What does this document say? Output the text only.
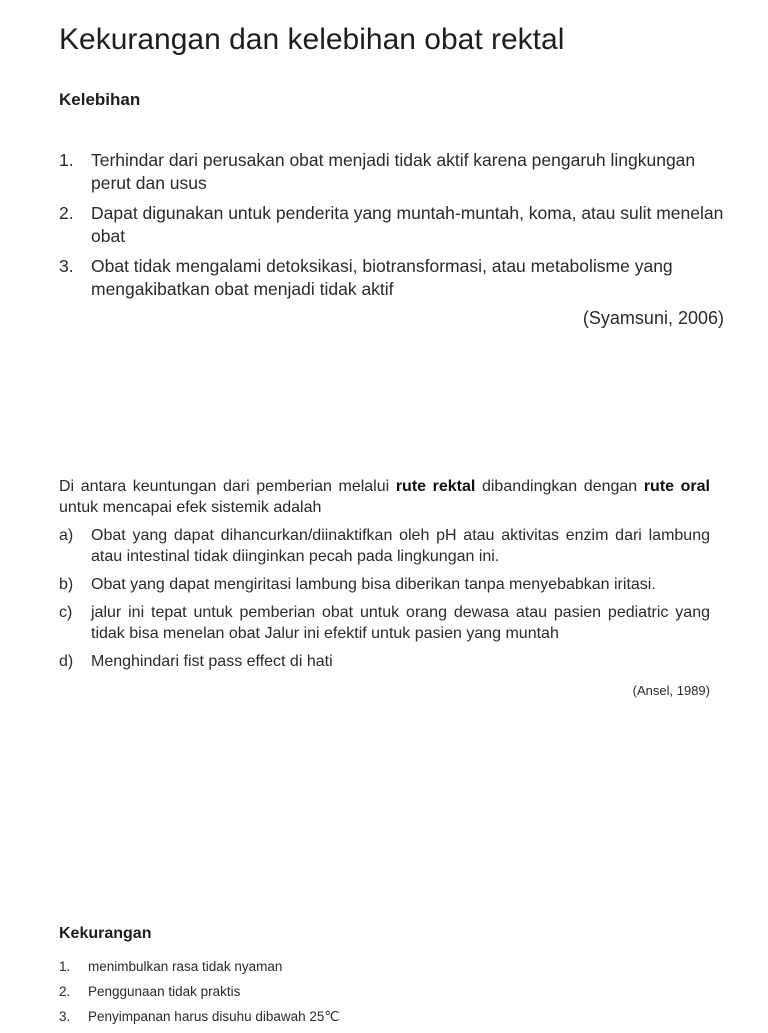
Kekurangan dan kelebihan obat rektal
Kelebihan
1. Terhindar dari perusakan obat menjadi tidak aktif karena pengaruh lingkungan perut dan usus
2. Dapat digunakan untuk penderita yang muntah-muntah, koma, atau sulit menelan obat
3. Obat tidak mengalami detoksikasi, biotransformasi, atau metabolisme yang mengakibatkan obat menjadi tidak aktif
(Syamsuni, 2006)
Di antara keuntungan dari pemberian melalui rute rektal dibandingkan dengan rute oral untuk mencapai efek sistemik adalah
a) Obat yang dapat dihancurkan/diinaktifkan oleh pH atau aktivitas enzim dari lambung atau intestinal tidak diinginkan pecah pada lingkungan ini.
b) Obat yang dapat mengiritasi lambung bisa diberikan tanpa menyebabkan iritasi.
c) jalur ini tepat untuk pemberian obat untuk orang dewasa atau pasien pediatric yang tidak bisa menelan obat Jalur ini efektif untuk pasien yang muntah
d) Menghindari fist pass effect di hati
(Ansel, 1989)
Kekurangan
1. menimbulkan rasa tidak nyaman
2. Penggunaan tidak praktis
3. Penyimpanan harus disuhu dibawah 25℃
